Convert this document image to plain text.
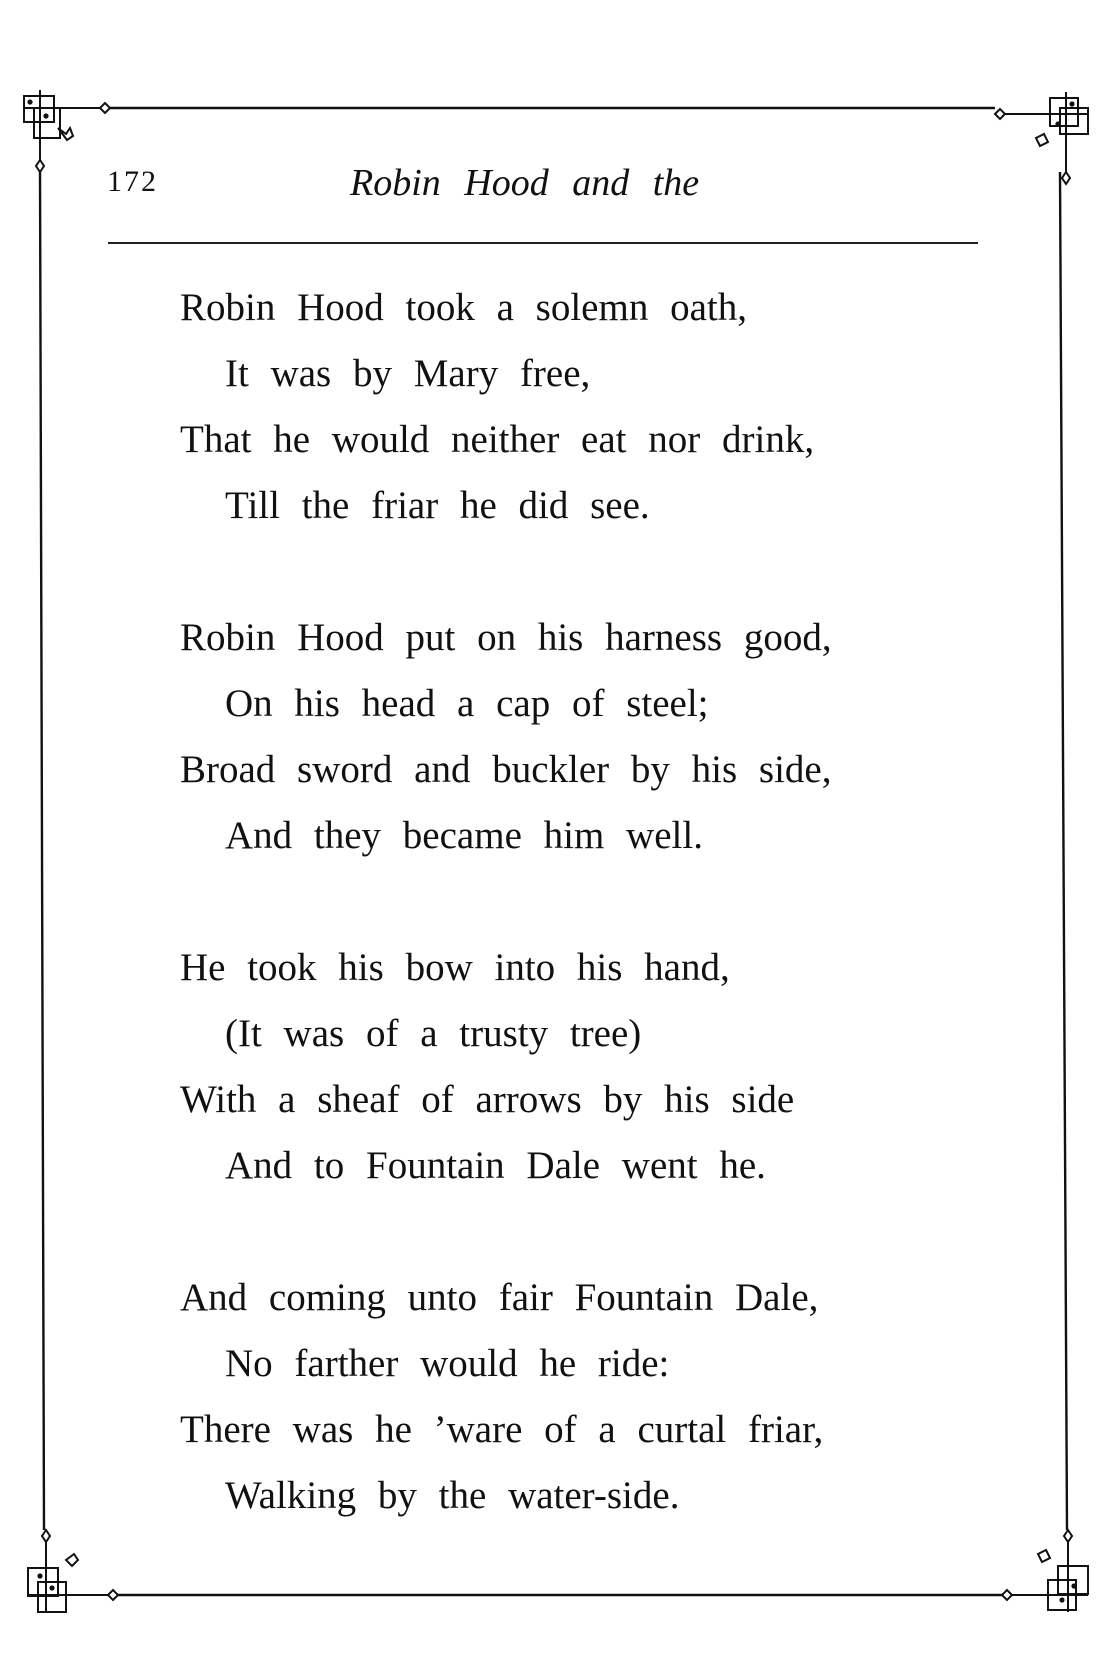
172	Robin Hood and the
Robin Hood took a solemn oath,
It was by Mary free,
That he would neither eat nor drink,
Till the friar he did see.
Robin Hood put on his harness good,
On his head a cap of steel;
Broad sword and buckler by his side,
And they became him well.
He took his bow into his hand,
(It was of a trusty tree)
With a sheaf of arrows by his side
And to Fountain Dale went he.
And coming unto fair Fountain Dale,
No farther would he ride:
There was he ’ware of a curtal friar,
Walking by the water-side.
